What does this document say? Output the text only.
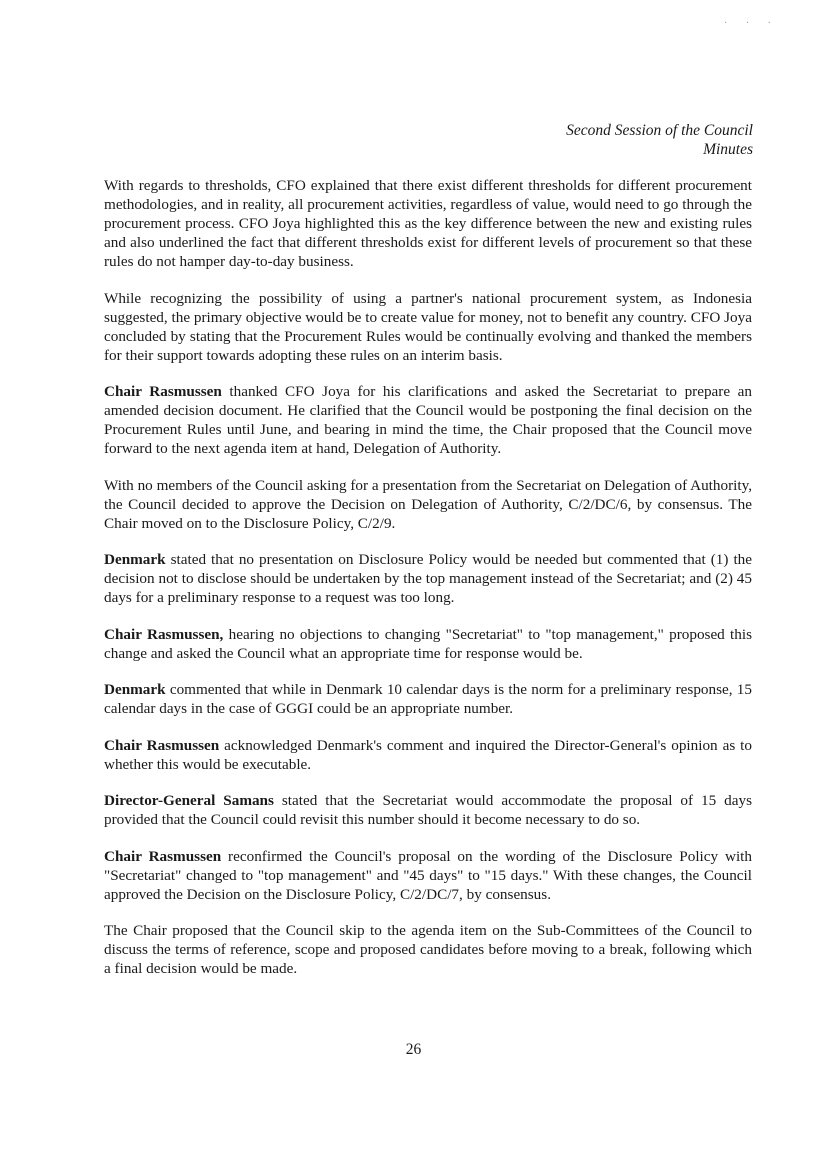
· · ·
Second Session of the Council
Minutes

With regards to thresholds, CFO explained that there exist different thresholds for different procurement methodologies, and in reality, all procurement activities, regardless of value, would need to go through the procurement process. CFO Joya highlighted this as the key difference between the new and existing rules and also underlined the fact that different thresholds exist for different levels of procurement so that these rules do not hamper day-to-day business.

While recognizing the possibility of using a partner's national procurement system, as Indonesia suggested, the primary objective would be to create value for money, not to benefit any country. CFO Joya concluded by stating that the Procurement Rules would be continually evolving and thanked the members for their support towards adopting these rules on an interim basis.

Chair Rasmussen thanked CFO Joya for his clarifications and asked the Secretariat to prepare an amended decision document. He clarified that the Council would be postponing the final decision on the Procurement Rules until June, and bearing in mind the time, the Chair proposed that the Council move forward to the next agenda item at hand, Delegation of Authority.

With no members of the Council asking for a presentation from the Secretariat on Delegation of Authority, the Council decided to approve the Decision on Delegation of Authority, C/2/DC/6, by consensus. The Chair moved on to the Disclosure Policy, C/2/9.

Denmark stated that no presentation on Disclosure Policy would be needed but commented that (1) the decision not to disclose should be undertaken by the top management instead of the Secretariat; and (2) 45 days for a preliminary response to a request was too long.

Chair Rasmussen, hearing no objections to changing "Secretariat" to "top management," proposed this change and asked the Council what an appropriate time for response would be.

Denmark commented that while in Denmark 10 calendar days is the norm for a preliminary response, 15 calendar days in the case of GGGI could be an appropriate number.

Chair Rasmussen acknowledged Denmark's comment and inquired the Director-General's opinion as to whether this would be executable.

Director-General Samans stated that the Secretariat would accommodate the proposal of 15 days provided that the Council could revisit this number should it become necessary to do so.

Chair Rasmussen reconfirmed the Council's proposal on the wording of the Disclosure Policy with "Secretariat" changed to "top management" and "45 days" to "15 days." With these changes, the Council approved the Decision on the Disclosure Policy, C/2/DC/7, by consensus.

The Chair proposed that the Council skip to the agenda item on the Sub-Committees of the Council to discuss the terms of reference, scope and proposed candidates before moving to a break, following which a final decision would be made.

26
